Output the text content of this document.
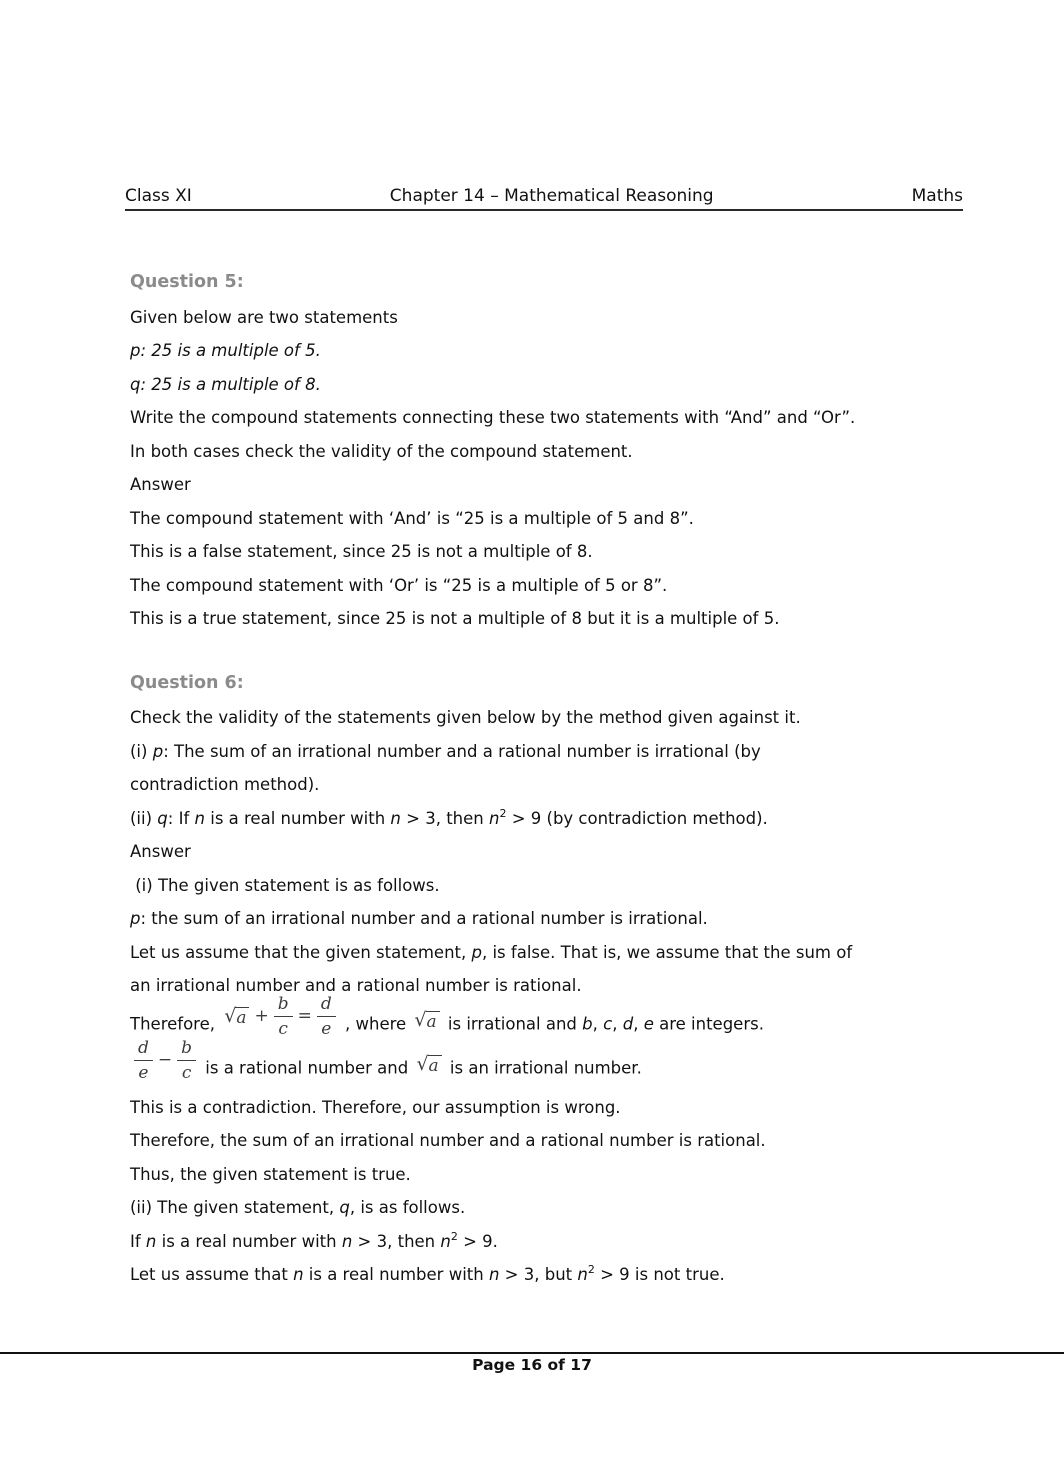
Class XI	Chapter 14 – Mathematical Reasoning	Maths
Question 5:

Given below are two statements

p: 25 is a multiple of 5.

q: 25 is a multiple of 8.

Write the compound statements connecting these two statements with “And” and “Or”.

In both cases check the validity of the compound statement.

Answer

The compound statement with ‘And’ is “25 is a multiple of 5 and 8”.

This is a false statement, since 25 is not a multiple of 8.

The compound statement with ‘Or’ is “25 is a multiple of 5 or 8”.

This is a true statement, since 25 is not a multiple of 8 but it is a multiple of 5.

Question 6:

Check the validity of the statements given below by the method given against it.

(i) p: The sum of an irrational number and a rational number is irrational (by

contradiction method).

(ii) q: If n is a real number with n > 3, then $n^2 > 9$ (by contradiction method).

Answer

(i) The given statement is as follows.

p: the sum of an irrational number and a rational number is irrational.

Let us assume that the given statement, p, is false. That is, we assume that the sum of

an irrational number and a rational number is rational.

Therefore, √ $a + \frac{b}{c} = \frac{d}{e}$ , where √ a is irrational and b, c, d, e are integers.

$\frac{d}{e} - \frac{b}{c}$ is a rational number and √ a is an irrational number.

This is a contradiction. Therefore, our assumption is wrong.

Therefore, the sum of an irrational number and a rational number is rational.

Thus, the given statement is true.

(ii) The given statement, q, is as follows.

If n is a real number with n > 3, then $n^2 > 9$.

Let us assume that n is a real number with n > 3, but $n^2 > 9$ is not true.

Page 16 of 17
